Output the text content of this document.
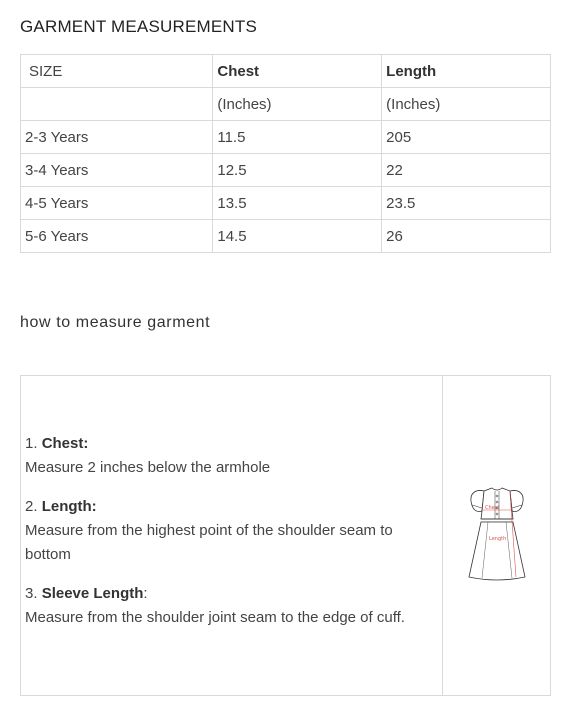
GARMENT MEASUREMENTS
SIZE	Chest	Length
	(Inches)	(Inches)
2-3 Years	11.5	205
3-4 Years	12.5	22
4-5 Years	13.5	23.5
5-6 Years	14.5	26
how to measure garment
1. Chest:
Measure 2 inches below the armhole
2. Length:
Measure from the highest point of the shoulder seam to bottom
3. Sleeve Length:
Measure from the shoulder joint seam to the edge of cuff.
Chest
Length
